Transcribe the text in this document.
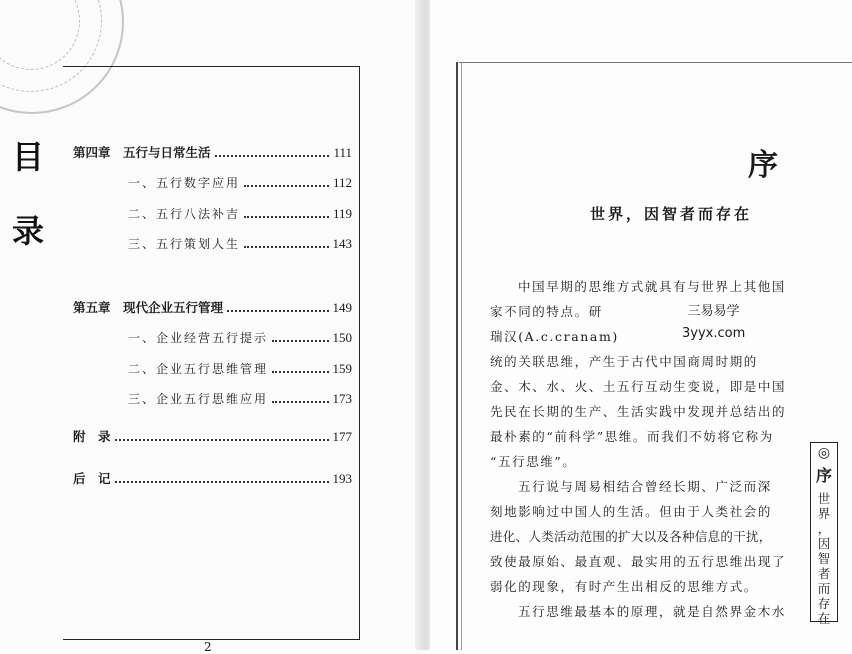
目
录
第四章　五行与日常生活	111
一、五行数字应用	112
二、五行八法补吉	119
三、五行策划人生	143
第五章　现代企业五行管理	149
一、企业经营五行提示	150
二、企业五行思维管理	159
三、企业五行思维应用	173
附　录	177
后　记	193
2
序
世界，因智者而存在
中国早期的思维方式就具有与世界上其他国
家不同的特点。研
瑞汉(A.c.cranam)
统的关联思维，产生于古代中国商周时期的
金、木、水、火、土五行互动生变说，即是中国
先民在长期的生产、生活实践中发现并总结出的
最朴素的“前科学”思维。而我们不妨将它称为
“五行思维”。
五行说与周易相结合曾经长期、广泛而深
刻地影响过中国人的生活。但由于人类社会的
进化、人类活动范围的扩大以及各种信息的干扰，
致使最原始、最直观、最实用的五行思维出现了
弱化的现象，有时产生出相反的思维方式。
五行思维最基本的原理，就是自然界金木水
三易易学
3yyx.com
◎
序
世
界
，
因
智
者
而
存
在
